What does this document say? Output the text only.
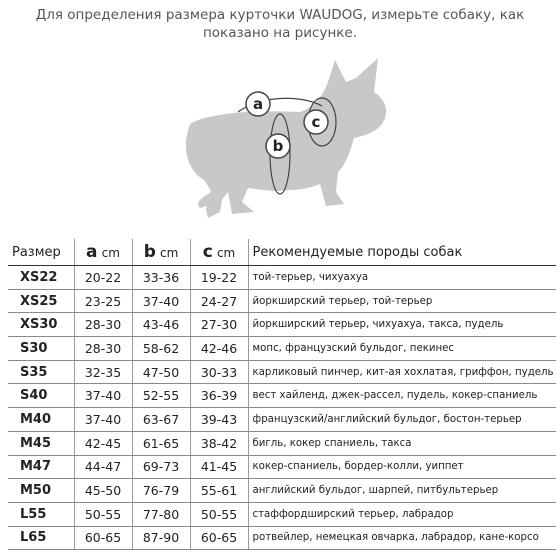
Для определения размера курточки WAUDOG, измерьте собаку, как
показано на рисунке.
a
b
c
Размер	a cm	b cm	c cm	Рекомендуемые породы собак
XS22	20-22	33-36	19-22	той-терьер, чихуахуа
XS25	23-25	37-40	24-27	йоркширский терьер, той-терьер
XS30	28-30	43-46	27-30	йоркширский терьер, чихуахуа, такса, пудель
S30	28-30	58-62	42-46	мопс, французский бульдог, пекинес
S35	32-35	47-50	30-33	карликовый пинчер, кит-ая хохлатая, гриффон, пудель
S40	37-40	52-55	36-39	вест хайленд, джек-рассел, пудель, кокер-спаниель
M40	37-40	63-67	39-43	французский/английский бульдог, бостон-терьер
M45	42-45	61-65	38-42	бигль, кокер спаниель, такса
M47	44-47	69-73	41-45	кокер-спаниель, бордер-колли, уиппет
M50	45-50	76-79	55-61	английский бульдог, шарпей, питбультерьер
L55	50-55	77-80	50-55	стаффордширский терьер, лабрадор
L65	60-65	87-90	60-65	ротвейлер, немецкая овчарка, лабрадор, кане-корсо
